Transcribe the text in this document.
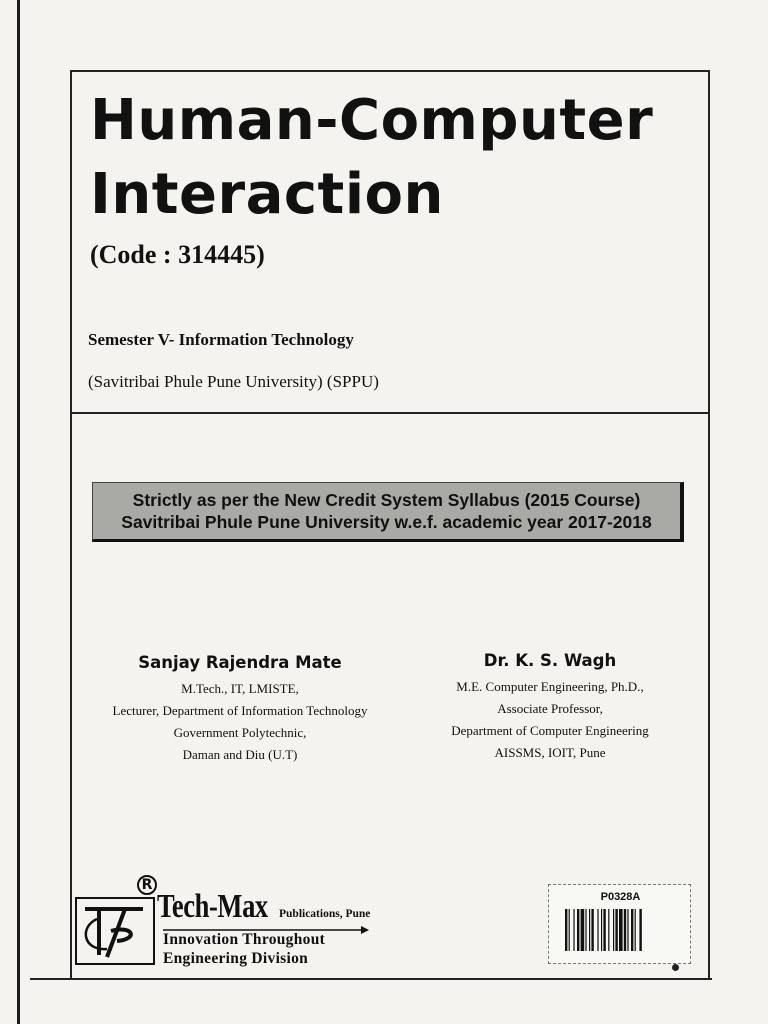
Human-Computer
Interaction
(Code : 314445)
Semester V- Information Technology
(Savitribai Phule Pune University) (SPPU)
Strictly as per the New Credit System Syllabus (2015 Course)
Savitribai Phule Pune University w.e.f. academic year 2017-2018
Sanjay Rajendra Mate
M.Tech., IT, LMISTE,
Lecturer, Department of Information Technology
Government Polytechnic,
Daman and Diu (U.T)
Dr. K. S. Wagh
M.E. Computer Engineering, Ph.D.,
Associate Professor,
Department of Computer Engineering
AISSMS, IOIT, Pune
R
Tech-Max Publications, Pune
Innovation Throughout
Engineering Division
P0328A
